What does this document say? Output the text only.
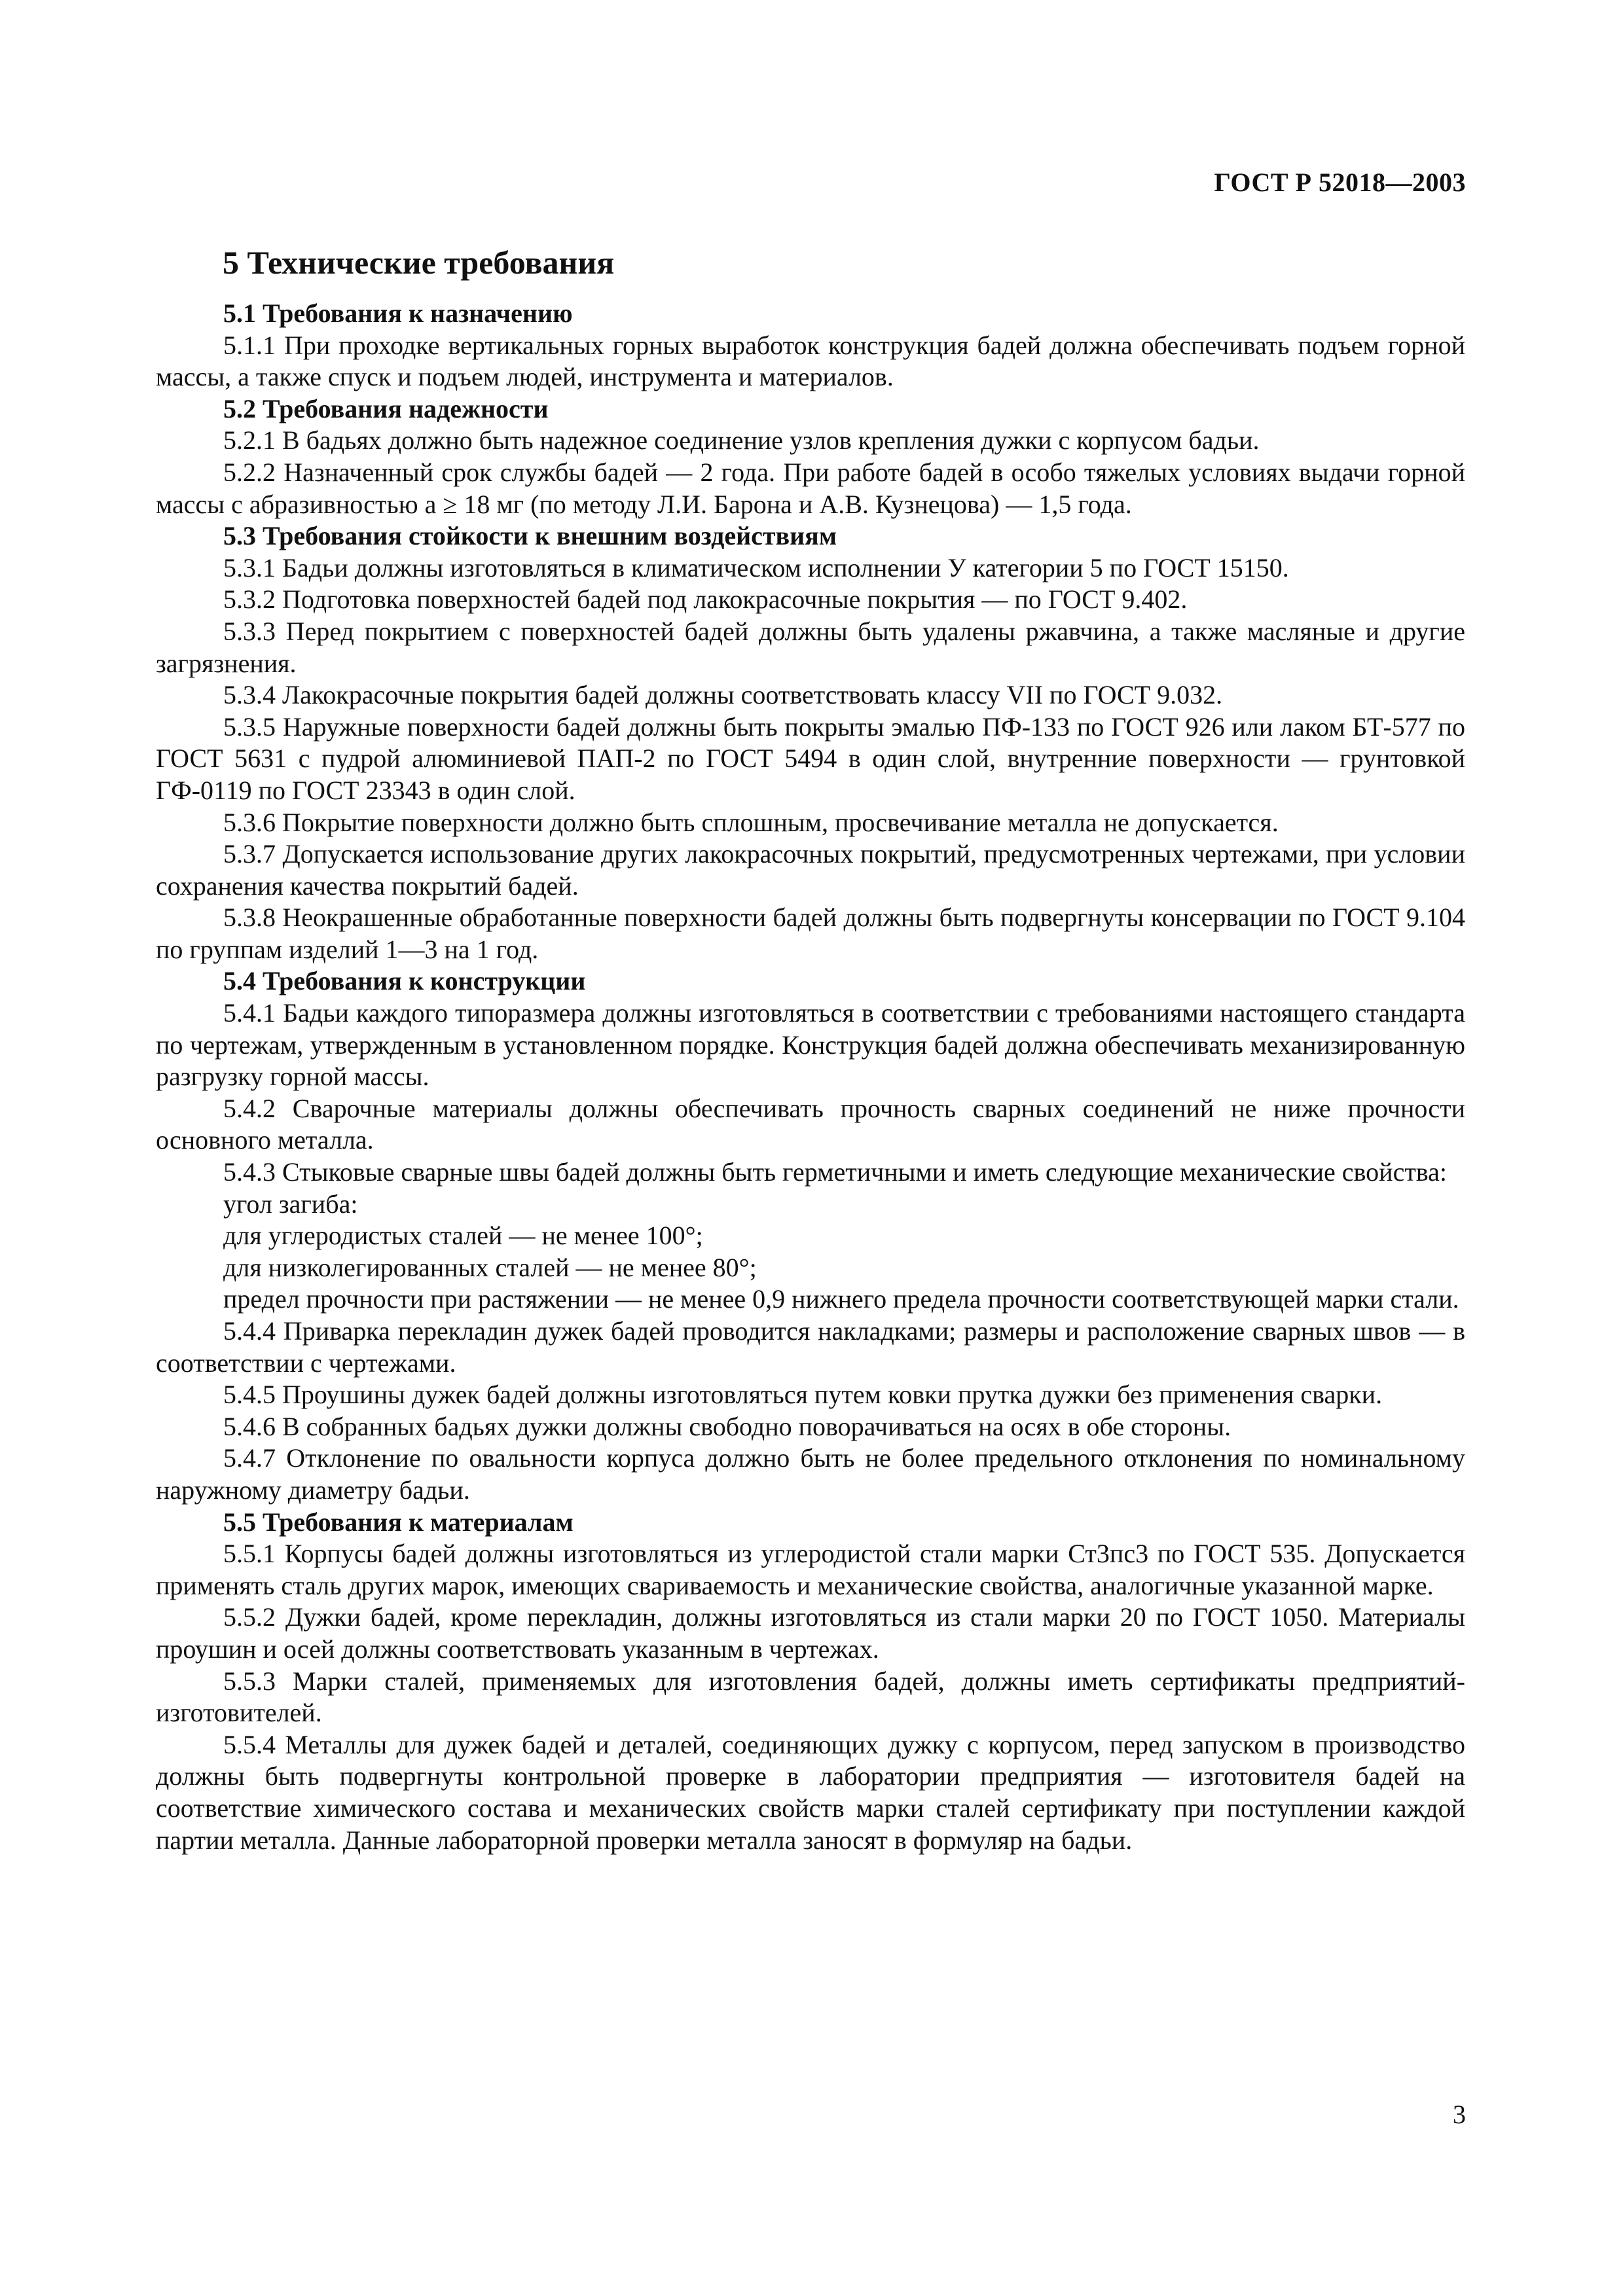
ГОСТ Р 52018—2003
5 Технические требования

5.1 Требования к назначению

5.1.1 При проходке вертикальных горных выработок конструкция бадей должна обеспечивать подъем горной массы, а также спуск и подъем людей, инструмента и материалов.

5.2 Требования надежности

5.2.1 В бадьях должно быть надежное соединение узлов крепления дужки с корпусом бадьи.

5.2.2 Назначенный срок службы бадей — 2 года. При работе бадей в особо тяжелых условиях выдачи горной массы с абразивностью a ≥ 18 мг (по методу Л.И. Барона и А.В. Кузнецова) — 1,5 года.

5.3 Требования стойкости к внешним воздействиям

5.3.1 Бадьи должны изготовляться в климатическом исполнении У категории 5 по ГОСТ 15150.

5.3.2 Подготовка поверхностей бадей под лакокрасочные покрытия — по ГОСТ 9.402.

5.3.3 Перед покрытием с поверхностей бадей должны быть удалены ржавчина, а также масляные и другие загрязнения.

5.3.4 Лакокрасочные покрытия бадей должны соответствовать классу VII по ГОСТ 9.032.

5.3.5 Наружные поверхности бадей должны быть покрыты эмалью ПФ-133 по ГОСТ 926 или лаком БТ-577 по ГОСТ 5631 с пудрой алюминиевой ПАП-2 по ГОСТ 5494 в один слой, внутренние поверхности — грунтовкой ГФ-0119 по ГОСТ 23343 в один слой.

5.3.6 Покрытие поверхности должно быть сплошным, просвечивание металла не допускается.

5.3.7 Допускается использование других лакокрасочных покрытий, предусмотренных чертежами, при условии сохранения качества покрытий бадей.

5.3.8 Неокрашенные обработанные поверхности бадей должны быть подвергнуты консервации по ГОСТ 9.104 по группам изделий 1—3 на 1 год.

5.4 Требования к конструкции

5.4.1 Бадьи каждого типоразмера должны изготовляться в соответствии с требованиями настоящего стандарта по чертежам, утвержденным в установленном порядке. Конструкция бадей должна обеспечивать механизированную разгрузку горной массы.

5.4.2 Сварочные материалы должны обеспечивать прочность сварных соединений не ниже прочности основного металла.

5.4.3 Стыковые сварные швы бадей должны быть герметичными и иметь следующие механические свойства:

угол загиба:

для углеродистых сталей — не менее 100°;

для низколегированных сталей — не менее 80°;

предел прочности при растяжении — не менее 0,9 нижнего предела прочности соответствующей марки стали.

5.4.4 Приварка перекладин дужек бадей проводится накладками; размеры и расположение сварных швов — в соответствии с чертежами.

5.4.5 Проушины дужек бадей должны изготовляться путем ковки прутка дужки без применения сварки.

5.4.6 В собранных бадьях дужки должны свободно поворачиваться на осях в обе стороны.

5.4.7 Отклонение по овальности корпуса должно быть не более предельного отклонения по номинальному наружному диаметру бадьи.

5.5 Требования к материалам

5.5.1 Корпусы бадей должны изготовляться из углеродистой стали марки Ст3пс3 по ГОСТ 535. Допускается применять сталь других марок, имеющих свариваемость и механические свойства, аналогичные указанной марке.

5.5.2 Дужки бадей, кроме перекладин, должны изготовляться из стали марки 20 по ГОСТ 1050. Материалы проушин и осей должны соответствовать указанным в чертежах.

5.5.3 Марки сталей, применяемых для изготовления бадей, должны иметь сертификаты предприятий-изготовителей.

5.5.4 Металлы для дужек бадей и деталей, соединяющих дужку с корпусом, перед запуском в производство должны быть подвергнуты контрольной проверке в лаборатории предприятия — изготовителя бадей на соответствие химического состава и механических свойств марки сталей сертификату при поступлении каждой партии металла. Данные лабораторной проверки металла заносят в формуляр на бадьи.

3
